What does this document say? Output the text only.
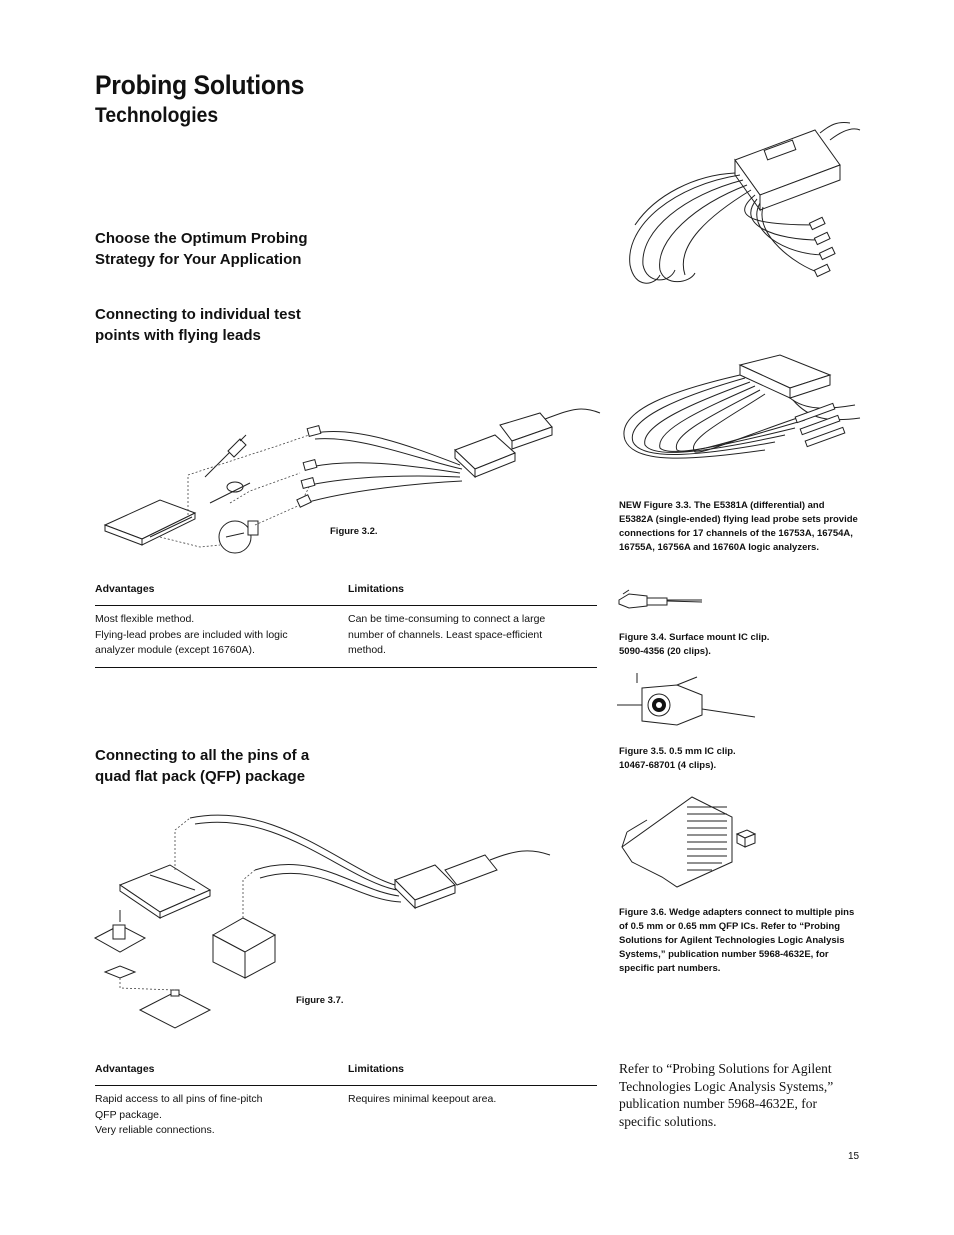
Probing Solutions
Technologies
Choose the Optimum Probing Strategy for Your Application
Connecting to individual test points with flying leads
Connecting to all the pins of a quad flat pack (QFP) package
Figure 3.2.
Advantages	Limitations
Most flexible method.
Flying-lead probes are included with logic
analyzer module (except 16760A).
Can be time-consuming to connect a large
number of channels. Least space-efficient
method.
Figure 3.7.
Advantages	Limitations
Rapid access to all pins of fine-pitch
QFP package.
Very reliable connections.
Requires minimal keepout area.
NEW Figure 3.3. The E5381A (differential) and E5382A (single-ended) flying lead probe sets provide connections for 17 channels of the 16753A, 16754A, 16755A, 16756A and 16760A logic analyzers.
Figure 3.4. Surface mount IC clip.
5090-4356 (20 clips).
Figure 3.5. 0.5 mm IC clip.
10467-68701 (4 clips).
Figure 3.6. Wedge adapters connect to multiple pins of 0.5 mm or 0.65 mm QFP ICs. Refer to “Probing Solutions for Agilent Technologies Logic Analysis Systems,” publication number 5968-4632E, for specific part numbers.
Refer to “Probing Solutions for Agilent Technologies Logic Analysis Systems,” publication number 5968-4632E, for specific solutions.
15
